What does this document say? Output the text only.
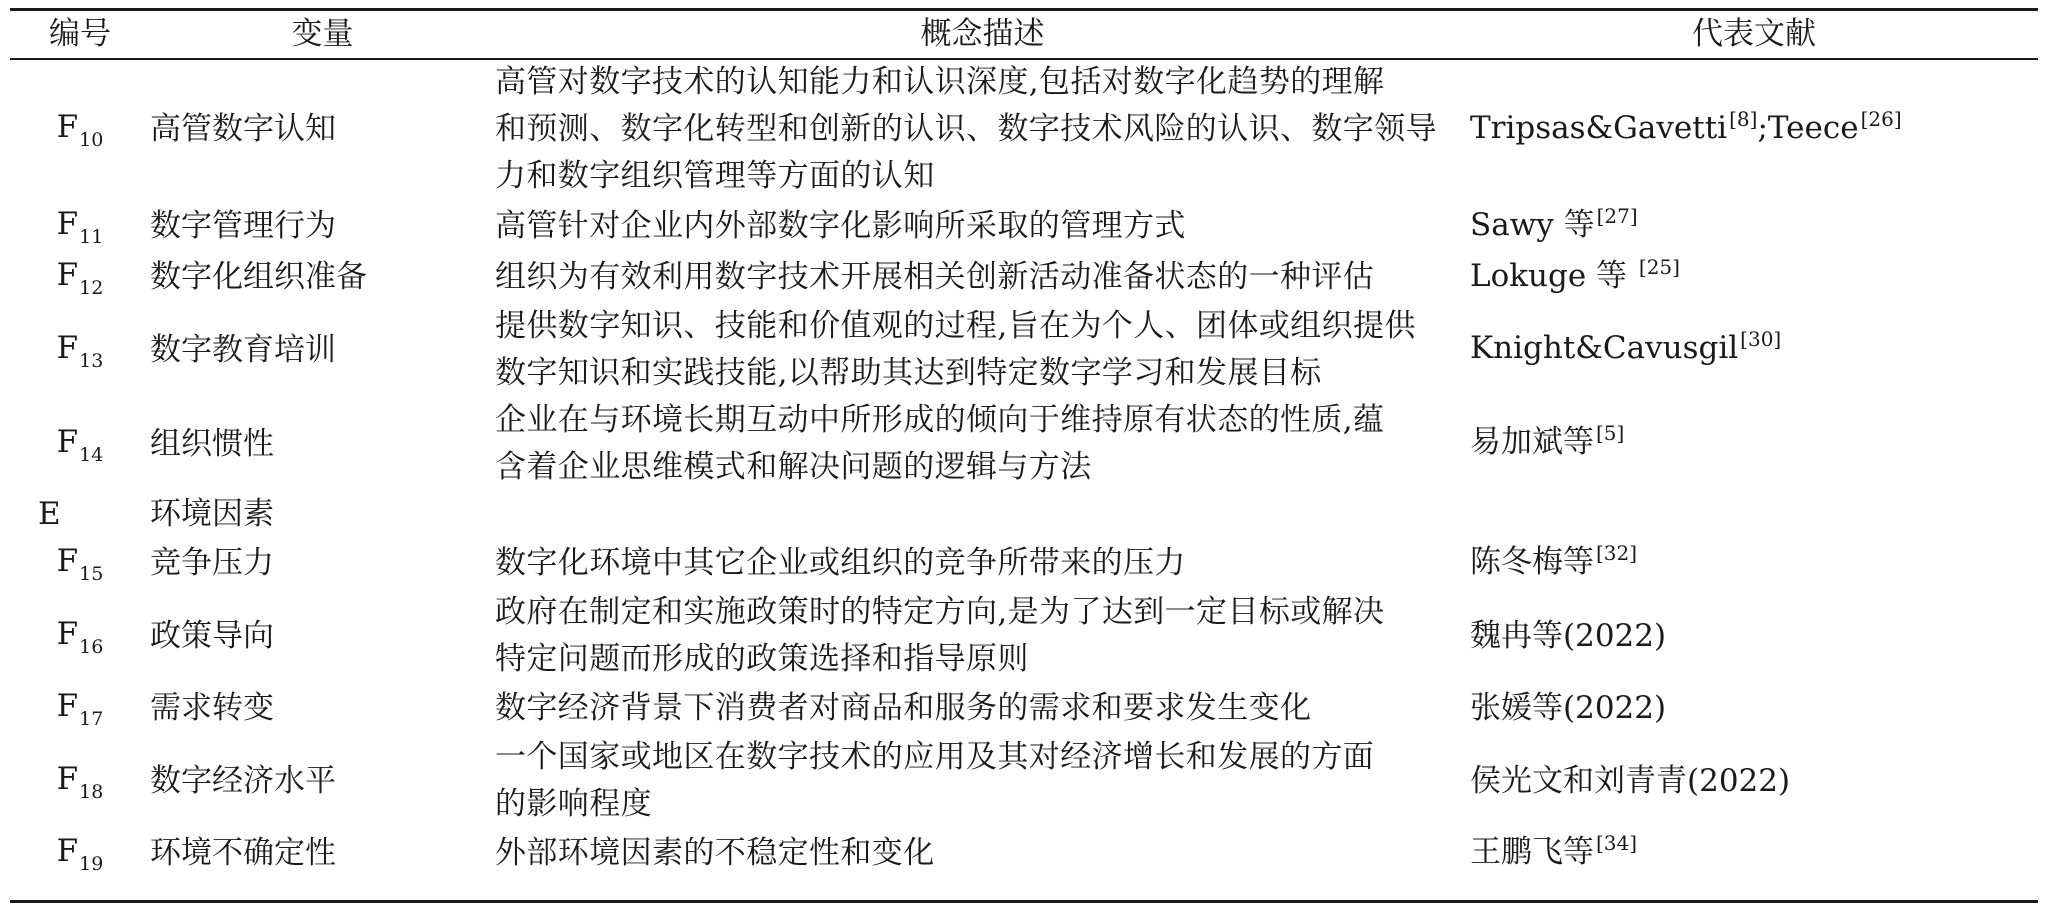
编号	变量	概念描述	代表文献
$F_{10}$	高管数字认知	高管对数字技术的认知能力和认识深度,包括对数字化趋势的理解
和预测、数字化转型和创新的认识、数字技术风险的认识、数字领导
力和数字组织管理等方面的认知	Tripsas&Gavetti [8];Teece [26]
$F_{11}$	数字管理行为	高管针对企业内外部数字化影响所采取的管理方式	Sawy 等 [27]
$F_{12}$	数字化组织准备	组织为有效利用数字技术开展相关创新活动准备状态的一种评估	Lokuge 等 [25]
$F_{13}$	数字教育培训	提供数字知识、技能和价值观的过程,旨在为个人、团体或组织提供
数字知识和实践技能,以帮助其达到特定数字学习和发展目标	Knight&Cavusgil [30]
$F_{14}$	组织惯性	企业在与环境长期互动中所形成的倾向于维持原有状态的性质,蕴
含着企业思维模式和解决问题的逻辑与方法	易加斌等 [5]
E	环境因素		
$F_{15}$	竞争压力	数字化环境中其它企业或组织的竞争所带来的压力	陈冬梅等 [32]
$F_{16}$	政策导向	政府在制定和实施政策时的特定方向,是为了达到一定目标或解决
特定问题而形成的政策选择和指导原则	魏冉等(2022)
$F_{17}$	需求转变	数字经济背景下消费者对商品和服务的需求和要求发生变化	张媛等(2022)
$F_{18}$	数字经济水平	一个国家或地区在数字技术的应用及其对经济增长和发展的方面
的影响程度	侯光文和刘青青(2022)
$F_{19}$	环境不确定性	外部环境因素的不稳定性和变化	王鹏飞等 [34]
